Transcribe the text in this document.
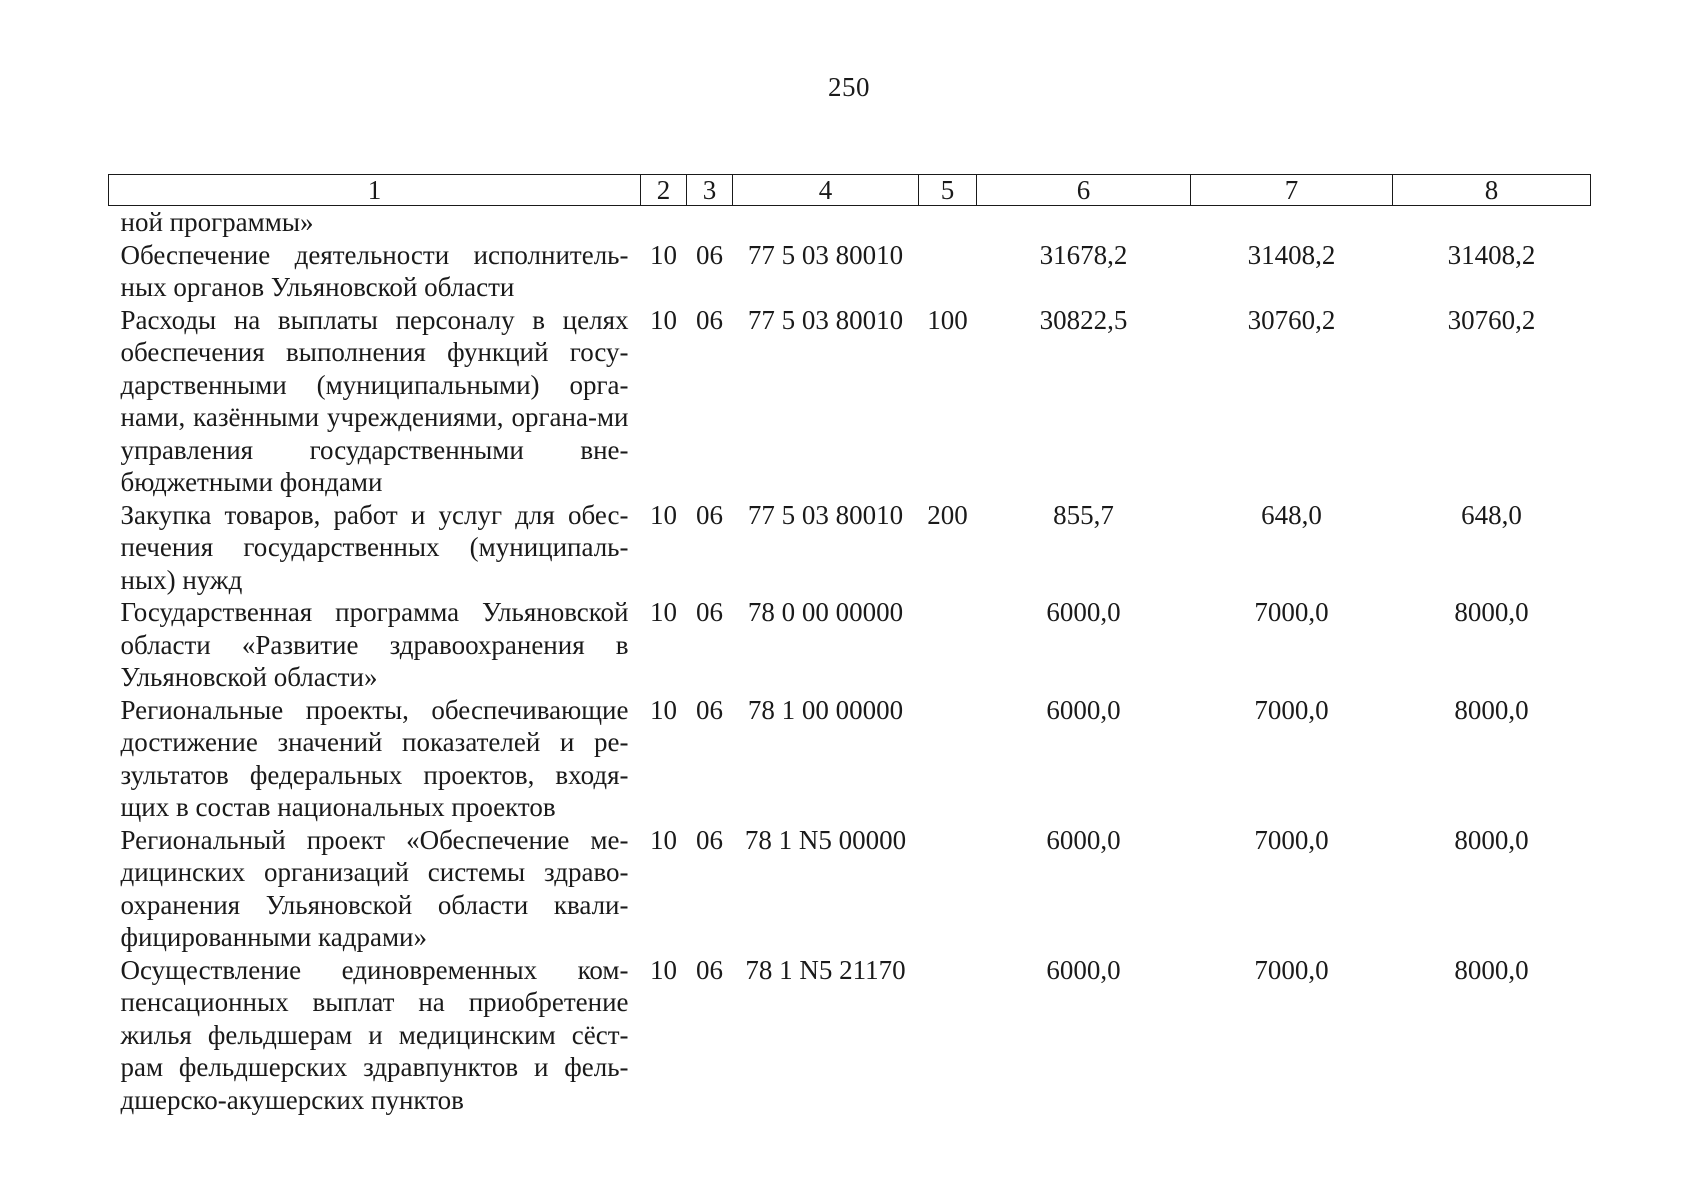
250
1	2	3	4	5	6	7	8
ной программы»							
Обеспечение деятельности исполнитель-ных органов Ульяновской области	10	06	77 5 03 80010		31678,2	31408,2	31408,2
Расходы на выплаты персоналу в целях обеспечения выполнения функций госу-дарственными (муниципальными) орга-нами, казёнными учреждениями, органа-ми управления государственными вне-бюджетными фондами	10	06	77 5 03 80010	100	30822,5	30760,2	30760,2
Закупка товаров, работ и услуг для обес-печения государственных (муниципаль-ных) нужд	10	06	77 5 03 80010	200	855,7	648,0	648,0
Государственная программа Ульяновской области «Развитие здравоохранения в Ульяновской области»	10	06	78 0 00 00000		6000,0	7000,0	8000,0
Региональные проекты, обеспечивающие достижение значений показателей и ре-зультатов федеральных проектов, входя-щих в состав национальных проектов	10	06	78 1 00 00000		6000,0	7000,0	8000,0
Региональный проект «Обеспечение ме-дицинских организаций системы здраво-охранения Ульяновской области квали-фицированными кадрами»	10	06	78 1 N5 00000		6000,0	7000,0	8000,0
Осуществление единовременных ком-пенсационных выплат на приобретение жилья фельдшерам и медицинским сёст-рам фельдшерских здравпунктов и фель-дшерско-акушерских пунктов	10	06	78 1 N5 21170		6000,0	7000,0	8000,0
